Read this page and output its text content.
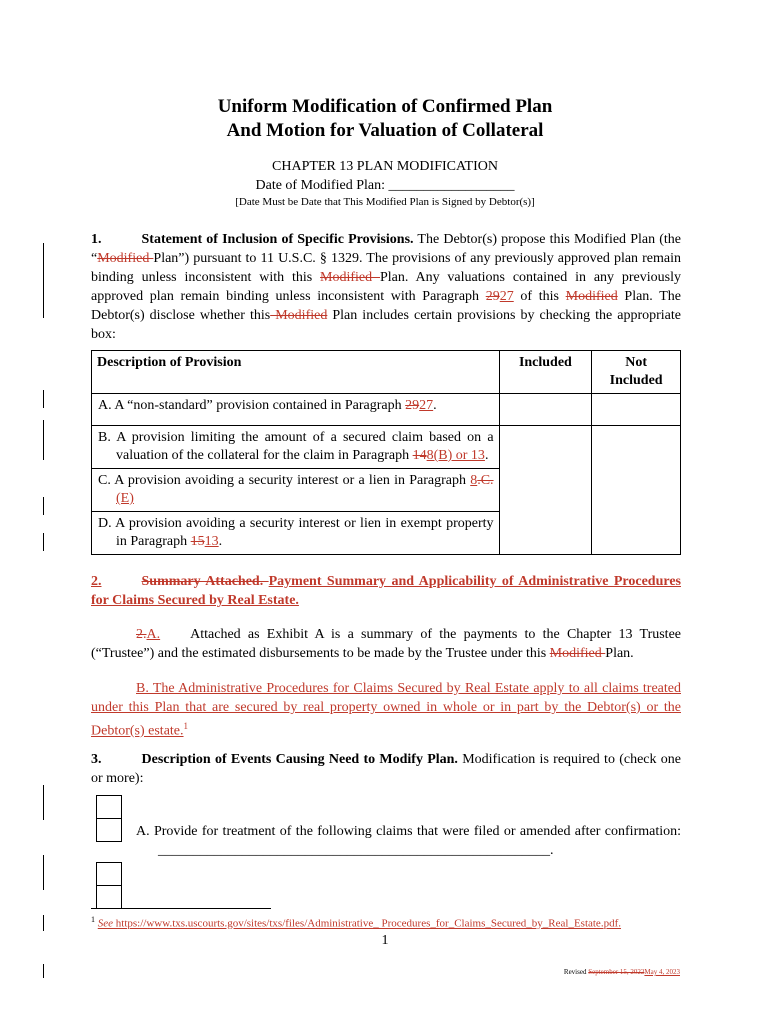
Uniform Modification of Confirmed Plan
And Motion for Valuation of Collateral
CHAPTER 13 PLAN MODIFICATION
Date of Modified Plan: __________________
[Date Must be Date that This Modified Plan is Signed by Debtor(s)]
1.	Statement of Inclusion of Specific Provisions. The Debtor(s) propose this Modified Plan (the “Modified Plan”) pursuant to 11 U.S.C. § 1329. The provisions of any previously approved plan remain binding unless inconsistent with this Modified Plan. Any valuations contained in any previously approved plan remain binding unless inconsistent with Paragraph 2927 of this Modified Plan. The Debtor(s) disclose whether this Modified Plan includes certain provisions by checking the appropriate box:
Description of Provision	Included	Not Included
A. A “non-standard” provision contained in Paragraph 2927.		
B. A provision limiting the amount of a secured claim based on a valuation of the collateral for the claim in Paragraph 148(B) or 13.		
C. A provision avoiding a security interest or a lien in Paragraph 8.C.(E)		
D. A provision avoiding a security interest or lien in exempt property in Paragraph 1513.		
2.	Summary Attached. Payment Summary and Applicability of Administrative Procedures for Claims Secured by Real Estate.
2.A. Attached as Exhibit A is a summary of the payments to the Chapter 13 Trustee (“Trustee”) and the estimated disbursements to be made by the Trustee under this Modified Plan.
B. The Administrative Procedures for Claims Secured by Real Estate apply to all claims treated under this Plan that are secured by real property owned in whole or in part by the Debtor(s) or the Debtor(s) estate.$^1$
3.	Description of Events Causing Need to Modify Plan. Modification is required to (check one or more):
A. Provide for treatment of the following claims that were filed or amended after confirmation: ________________________________________________________.
$^1$ See https://www.txs.uscourts.gov/sites/txs/files/Administrative_ Procedures_for_Claims_Secured_by_Real_Estate.pdf.
1
Revised September 15, 2022May 4, 2023
